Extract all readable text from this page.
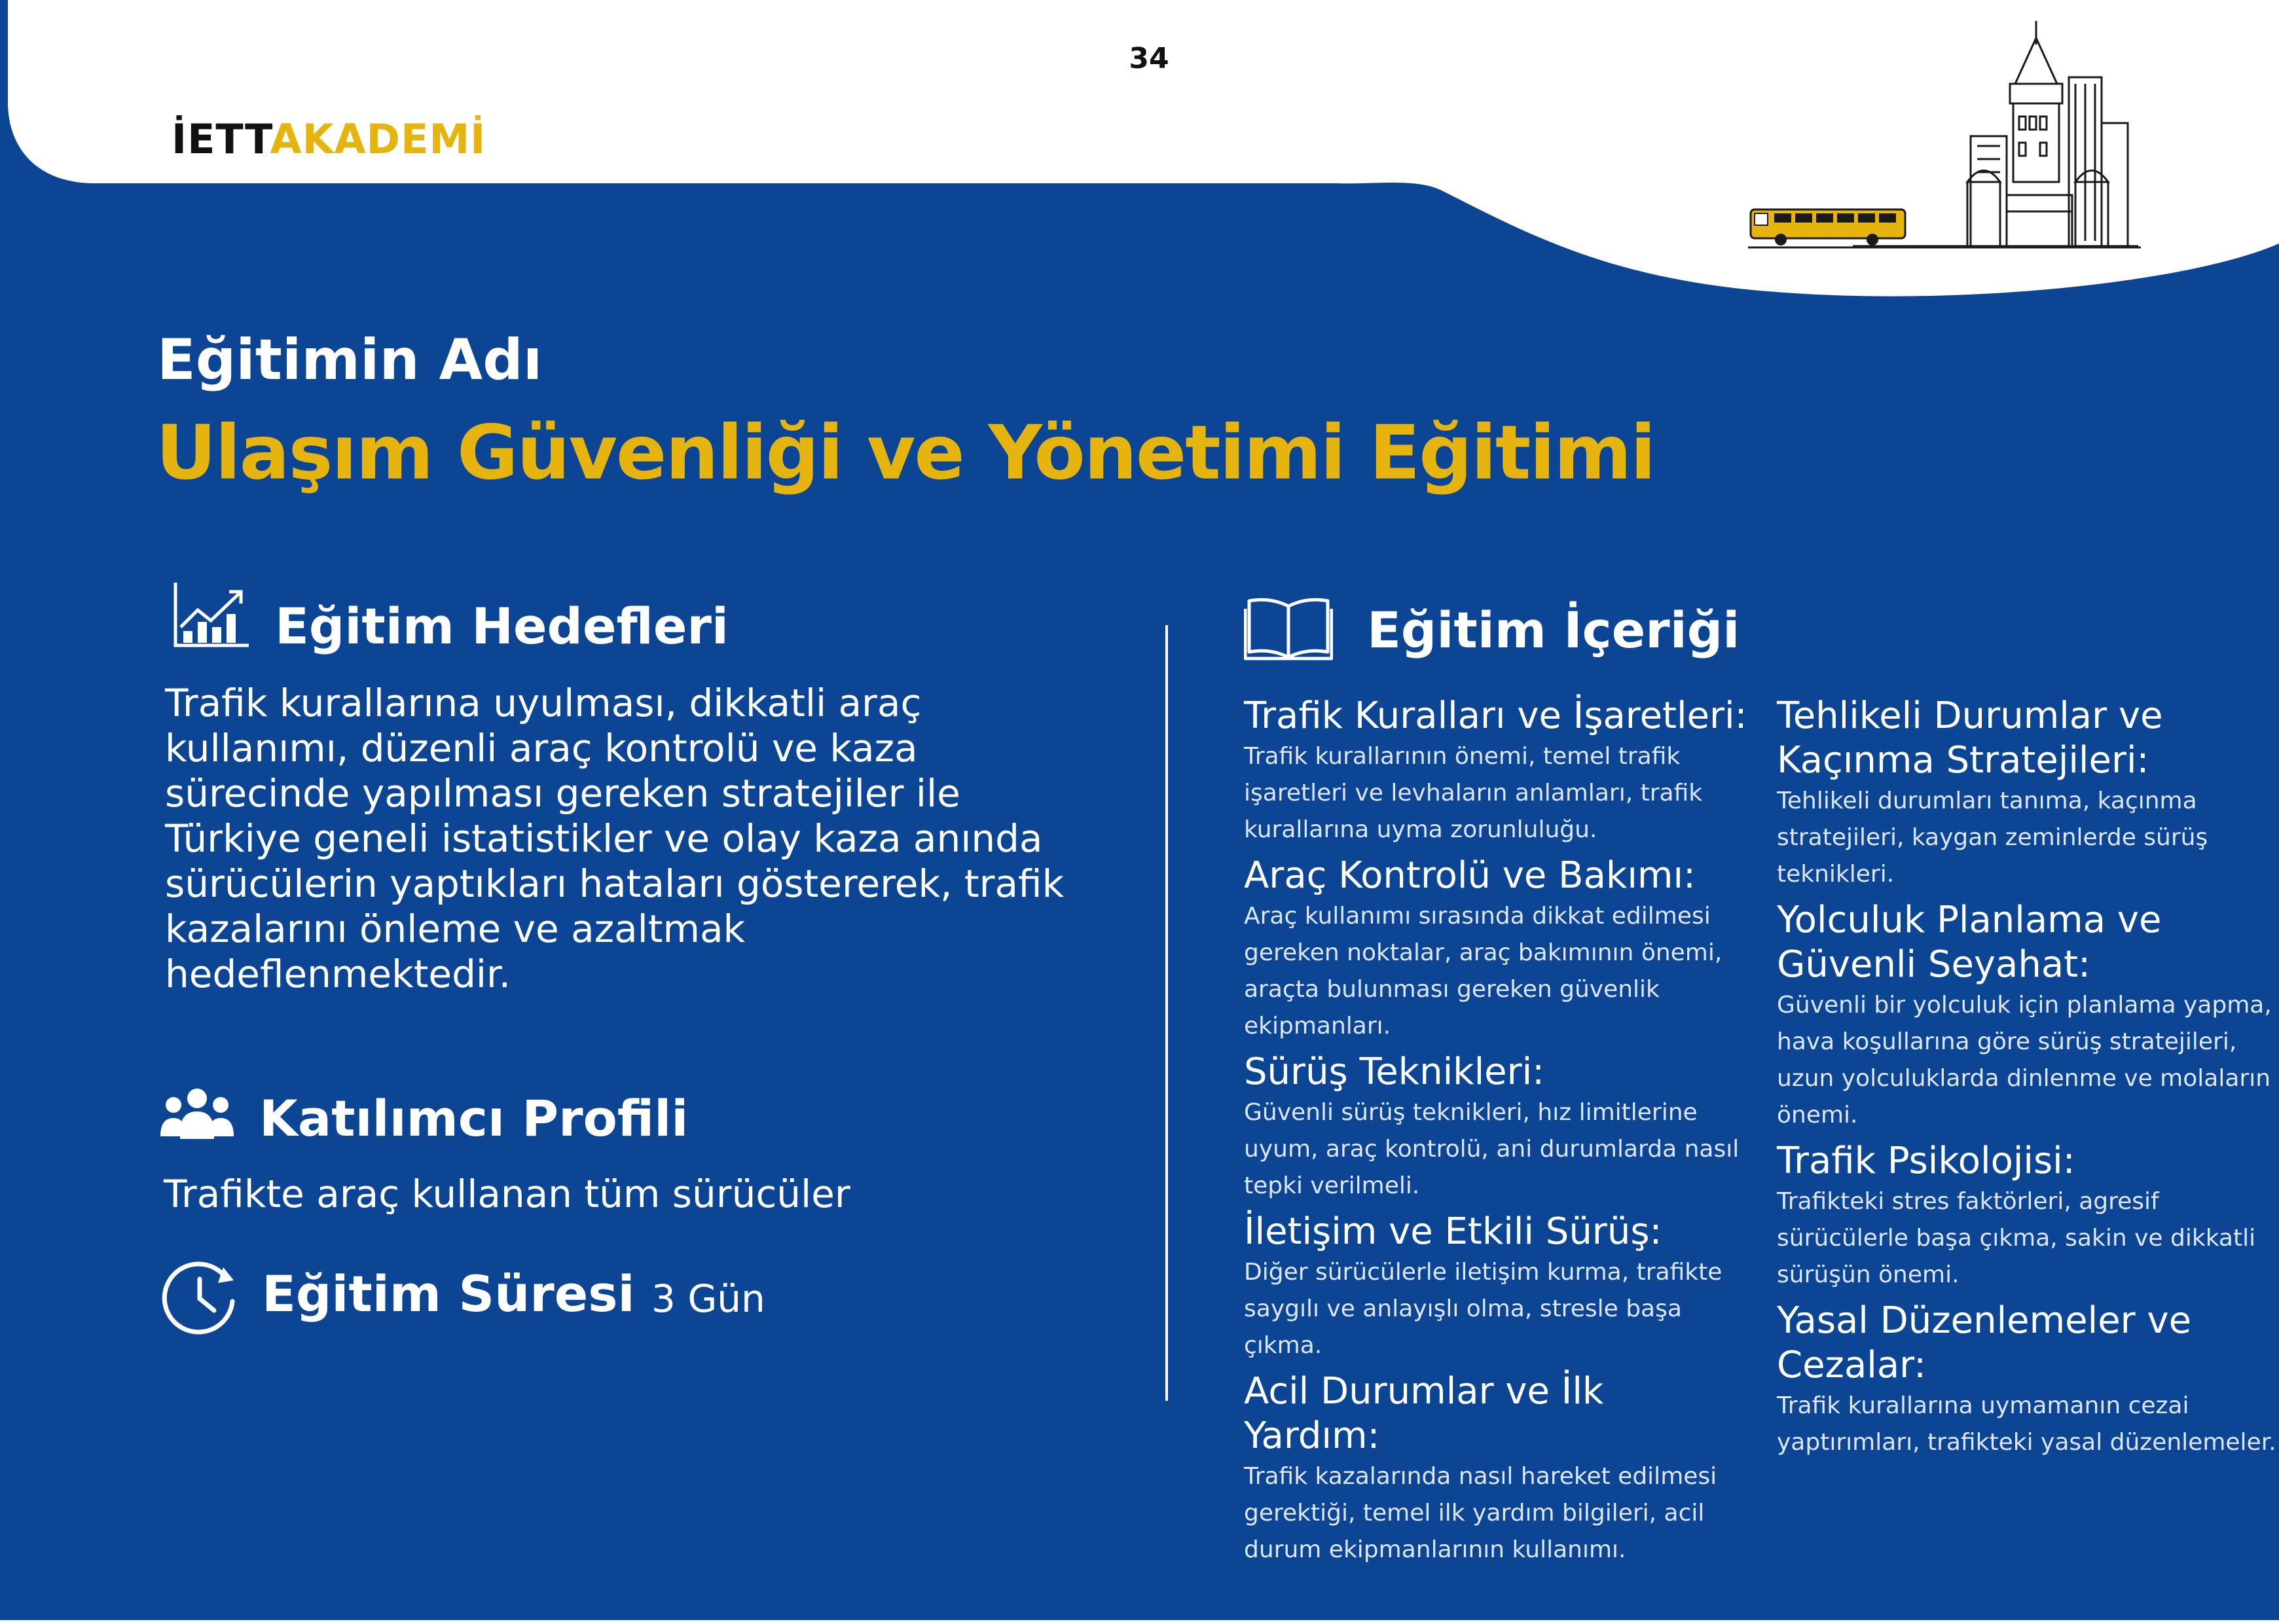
34
İETTAKADEMİ
Eğitimin Adı
Ulaşım Güvenliği ve Yönetimi Eğitimi
Eğitim Hedefleri
Trafik kurallarına uyulması, dikkatli araç kullanımı, düzenli araç kontrolü ve kaza sürecinde yapılması gereken stratejiler ile Türkiye geneli istatistikler ve olay kaza anında sürücülerin yaptıkları hataları göstererek, trafik kazalarını önleme ve azaltmak hedeflenmektedir.
Katılımcı Profili
Trafikte araç kullanan tüm sürücüler
Eğitim Süresi 3 Gün
Eğitim İçeriği
Trafik Kuralları ve İşaretleri:
Trafik kurallarının önemi, temel trafik işaretleri ve levhaların anlamları, trafik kurallarına uyma zorunluluğu.
Araç Kontrolü ve Bakımı:
Araç kullanımı sırasında dikkat edilmesi gereken noktalar, araç bakımının önemi, araçta bulunması gereken güvenlik ekipmanları.
Sürüş Teknikleri:
Güvenli sürüş teknikleri, hız limitlerine uyum, araç kontrolü, ani durumlarda nasıl tepki verilmeli.
İletişim ve Etkili Sürüş:
Diğer sürücülerle iletişim kurma, trafikte saygılı ve anlayışlı olma, stresle başa çıkma.
Acil Durumlar ve İlk Yardım:
Trafik kazalarında nasıl hareket edilmesi gerektiği, temel ilk yardım bilgileri, acil durum ekipmanlarının kullanımı.
Tehlikeli Durumlar ve Kaçınma Stratejileri:
Tehlikeli durumları tanıma, kaçınma stratejileri, kaygan zeminlerde sürüş teknikleri.
Yolculuk Planlama ve Güvenli Seyahat:
Güvenli bir yolculuk için planlama yapma, hava koşullarına göre sürüş stratejileri, uzun yolculuklarda dinlenme ve molaların önemi.
Trafik Psikolojisi:
Trafikteki stres faktörleri, agresif sürücülerle başa çıkma, sakin ve dikkatli sürüşün önemi.
Yasal Düzenlemeler ve Cezalar:
Trafik kurallarına uymamanın cezai yaptırımları, trafikteki yasal düzenlemeler.
